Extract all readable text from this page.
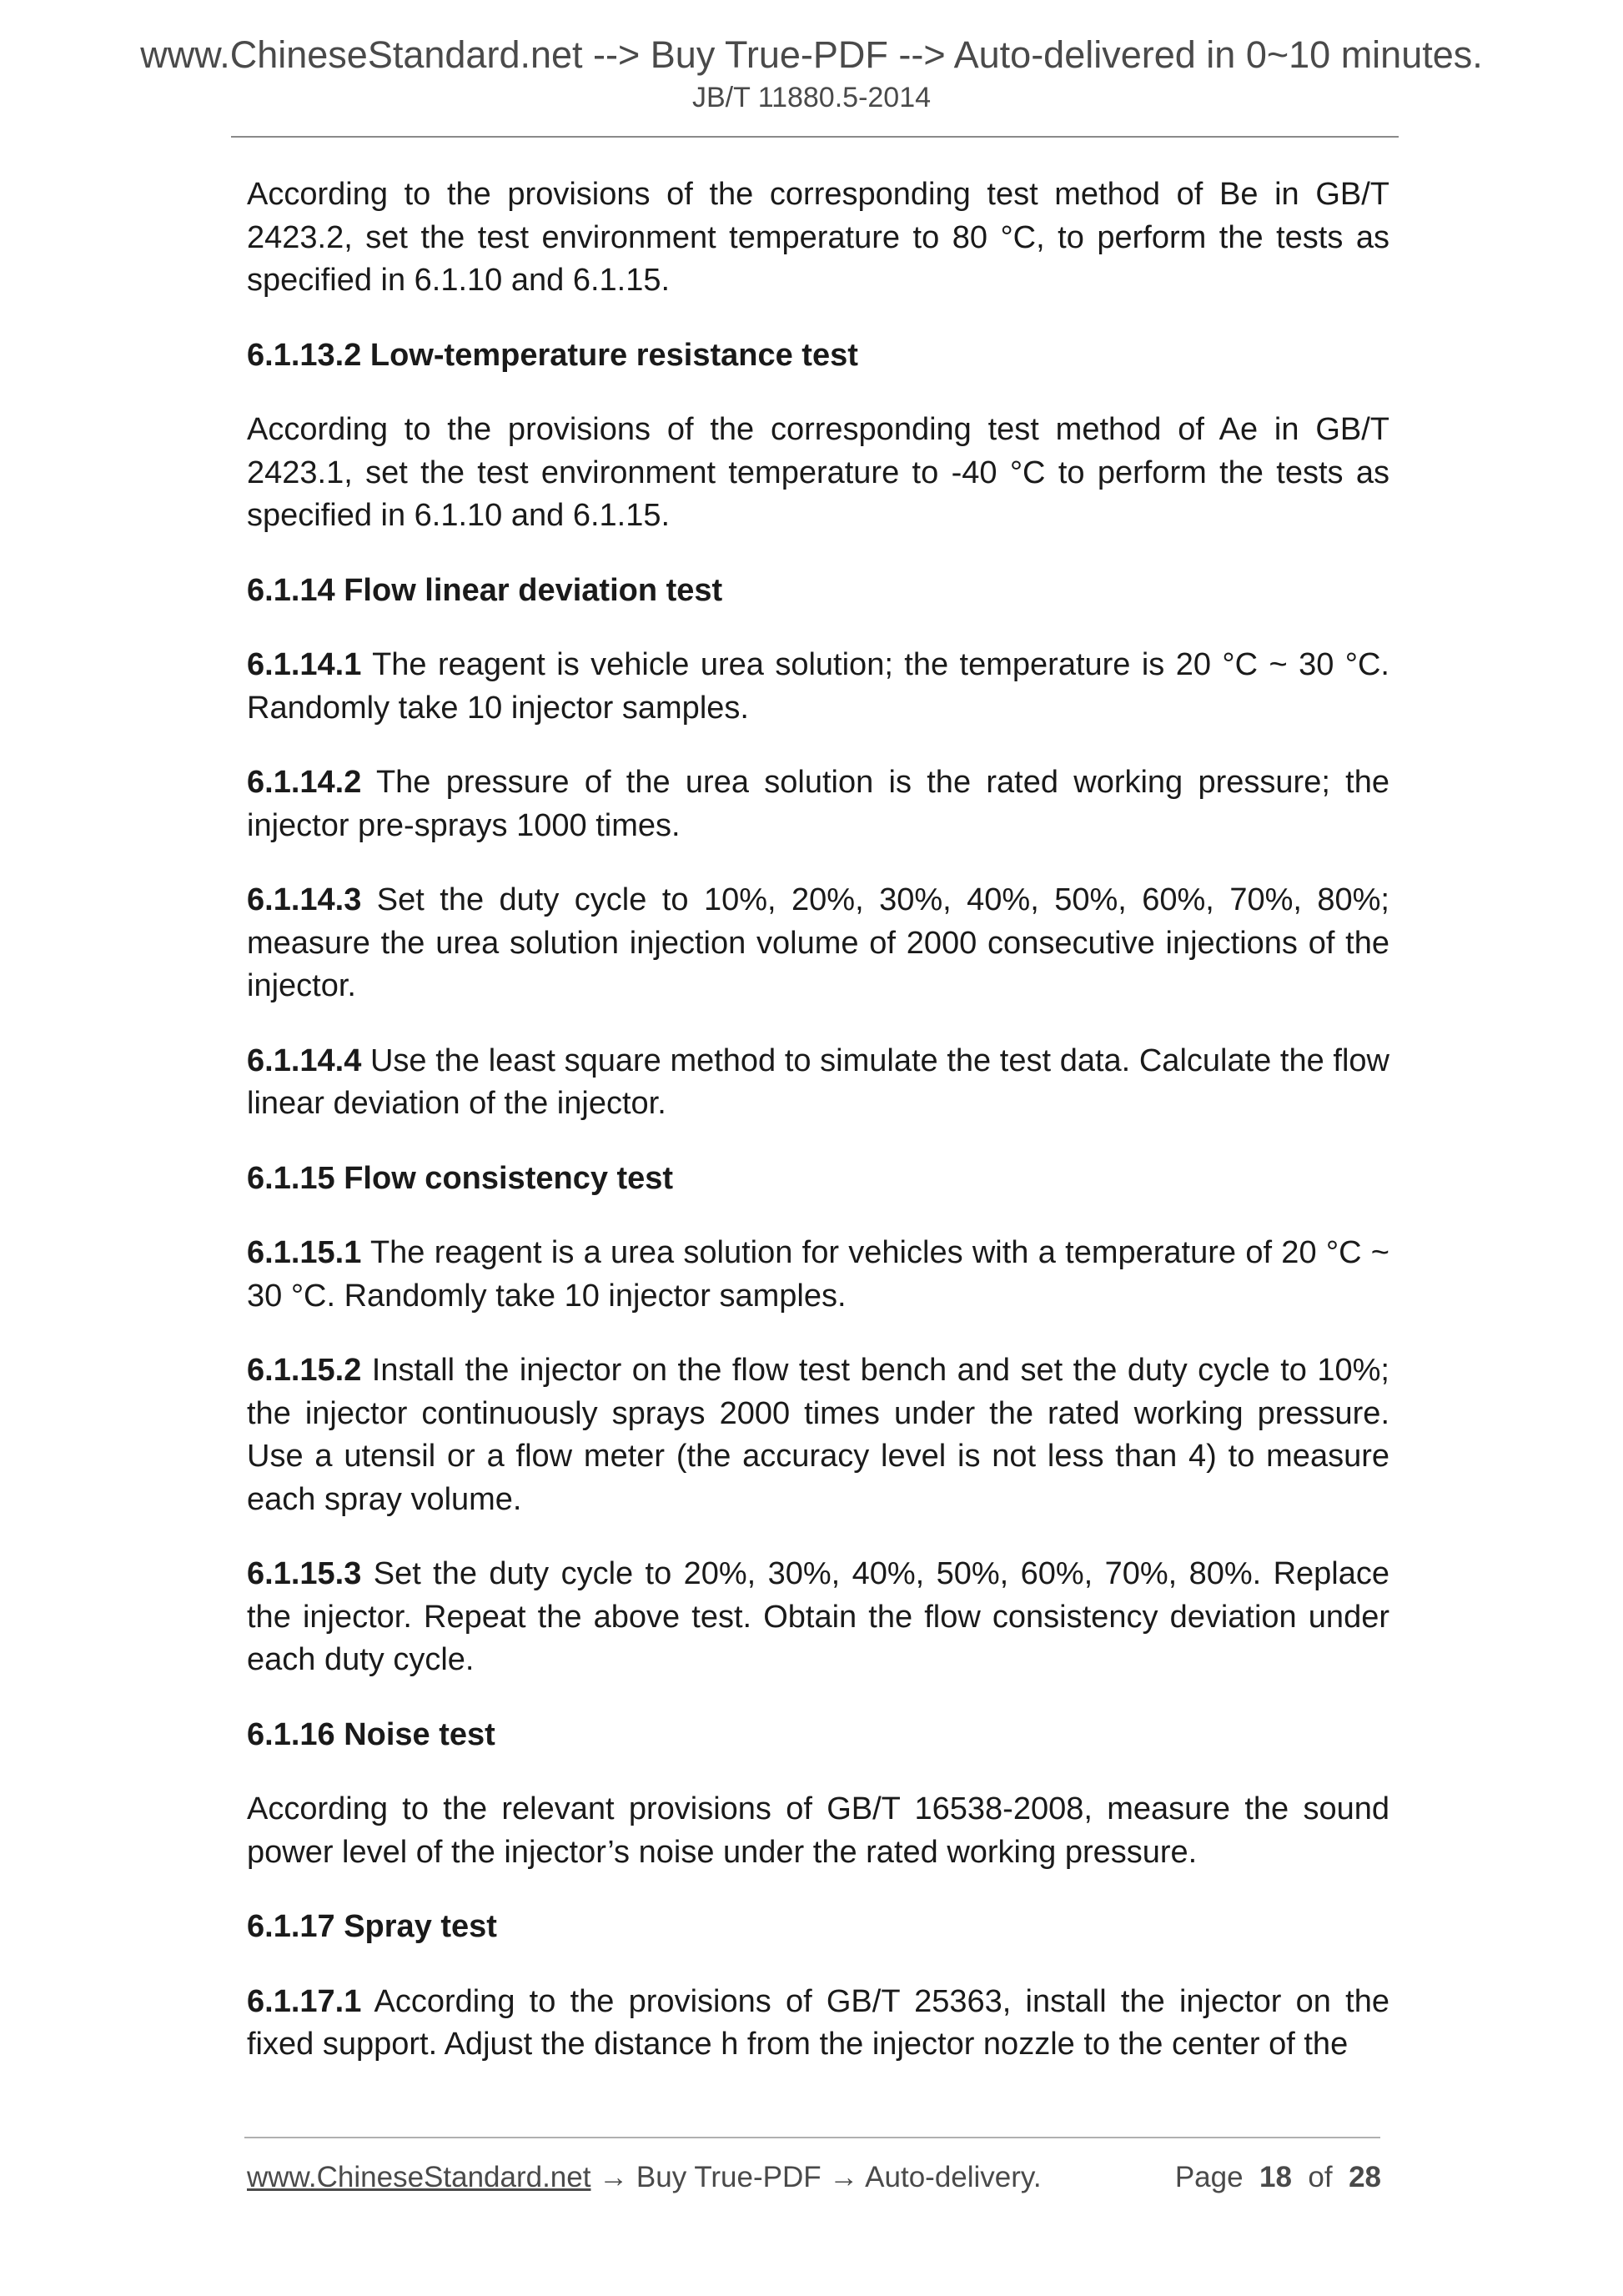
www.ChineseStandard.net --> Buy True-PDF --> Auto-delivered in 0~10 minutes.
JB/T 11880.5-2014

According to the provisions of the corresponding test method of Be in GB/T 2423.2, set the test environment temperature to 80 °C, to perform the tests as specified in 6.1.10 and 6.1.15.

6.1.13.2 Low-temperature resistance test

According to the provisions of the corresponding test method of Ae in GB/T 2423.1, set the test environment temperature to -40 °C to perform the tests as specified in 6.1.10 and 6.1.15.

6.1.14 Flow linear deviation test

6.1.14.1 The reagent is vehicle urea solution; the temperature is 20 °C ~ 30 °C. Randomly take 10 injector samples.

6.1.14.2 The pressure of the urea solution is the rated working pressure; the injector pre-sprays 1000 times.

6.1.14.3 Set the duty cycle to 10%, 20%, 30%, 40%, 50%, 60%, 70%, 80%; measure the urea solution injection volume of 2000 consecutive injections of the injector.

6.1.14.4 Use the least square method to simulate the test data. Calculate the flow linear deviation of the injector.

6.1.15 Flow consistency test

6.1.15.1 The reagent is a urea solution for vehicles with a temperature of 20 °C ~ 30 °C. Randomly take 10 injector samples.

6.1.15.2 Install the injector on the flow test bench and set the duty cycle to 10%; the injector continuously sprays 2000 times under the rated working pressure. Use a utensil or a flow meter (the accuracy level is not less than 4) to measure each spray volume.

6.1.15.3 Set the duty cycle to 20%, 30%, 40%, 50%, 60%, 70%, 80%. Replace the injector. Repeat the above test. Obtain the flow consistency deviation under each duty cycle.

6.1.16 Noise test

According to the relevant provisions of GB/T 16538-2008, measure the sound power level of the injector’s noise under the rated working pressure.

6.1.17 Spray test

6.1.17.1 According to the provisions of GB/T 25363, install the injector on the fixed support. Adjust the distance h from the injector nozzle to the center of the

www.ChineseStandard.net → Buy True-PDF → Auto-delivery.	Page 18 of 28
